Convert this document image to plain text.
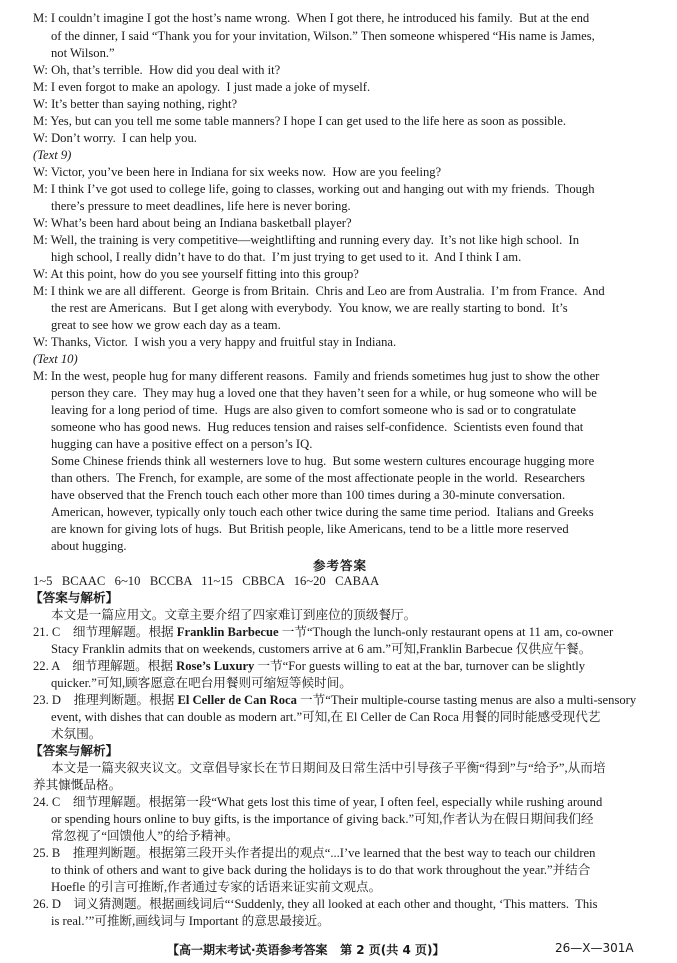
M: I couldn’t imagine I got the host’s name wrong.  When I got there, he introduced his family.  But at the end
of the dinner, I said “Thank you for your invitation, Wilson.” Then someone whispered “His name is James,
not Wilson.”
W: Oh, that’s terrible.  How did you deal with it?
M: I even forgot to make an apology.  I just made a joke of myself.
W: It’s better than saying nothing, right?
M: Yes, but can you tell me some table manners? I hope I can get used to the life here as soon as possible.
W: Don’t worry.  I can help you.
(Text 9)
W: Victor, you’ve been here in Indiana for six weeks now.  How are you feeling?
M: I think I’ve got used to college life, going to classes, working out and hanging out with my friends.  Though
there’s pressure to meet deadlines, life here is never boring.
W: What’s been hard about being an Indiana basketball player?
M: Well, the training is very competitive—weightlifting and running every day.  It’s not like high school.  In
high school, I really didn’t have to do that.  I’m just trying to get used to it.  And I think I am.
W: At this point, how do you see yourself fitting into this group?
M: I think we are all different.  George is from Britain.  Chris and Leo are from Australia.  I’m from France.  And
the rest are Americans.  But I get along with everybody.  You know, we are really starting to bond.  It’s
great to see how we grow each day as a team.
W: Thanks, Victor.  I wish you a very happy and fruitful stay in Indiana.
(Text 10)
M: In the west, people hug for many different reasons.  Family and friends sometimes hug just to show the other
person they care.  They may hug a loved one that they haven’t seen for a while, or hug someone who will be
leaving for a long period of time.  Hugs are also given to comfort someone who is sad or to congratulate
someone who has good news.  Hug reduces tension and raises self-confidence.  Scientists even found that
hugging can have a positive effect on a person’s IQ.
Some Chinese friends think all westerners love to hug.  But some western cultures encourage hugging more
than others.  The French, for example, are some of the most affectionate people in the world.  Researchers
have observed that the French touch each other more than 100 times during a 30-minute conversation.
American, however, typically only touch each other twice during the same time period.  Italians and Greeks
are known for giving lots of hugs.  But British people, like Americans, tend to be a little more reserved
about hugging.
参考答案
1~5   BCAAC   6~10   BCCBA   11~15   CBBCA   16~20   CABAA
【答案与解析】
本文是一篇应用文。文章主要介绍了四家难订到座位的顶级餐厅。
21. C    细节理解题。根据 Franklin Barbecue 一节“Though the lunch-only restaurant opens at 11 am, co-owner
Stacy Franklin admits that on weekends, customers arrive at 6 am.”可知,Franklin Barbecue 仅供应午餐。
22. A    细节理解题。根据 Rose’s Luxury 一节“For guests willing to eat at the bar, turnover can be slightly
quicker.”可知,顾客愿意在吧台用餐则可缩短等候时间。
23. D    推理判断题。根据 El Celler de Can Roca 一节“Their multiple-course tasting menus are also a multi-sensory
event, with dishes that can double as modern art.”可知,在 El Celler de Can Roca 用餐的同时能感受现代艺
术氛围。
【答案与解析】
本文是一篇夹叙夹议文。文章倡导家长在节日期间及日常生活中引导孩子平衡“得到”与“给予”,从而培
养其慷慨品格。
24. C    细节理解题。根据第一段“What gets lost this time of year, I often feel, especially while rushing around
or spending hours online to buy gifts, is the importance of giving back.”可知,作者认为在假日期间我们经
常忽视了“回馈他人”的给予精神。
25. B    推理判断题。根据第三段开头作者提出的观点“...I’ve learned that the best way to teach our children
to think of others and want to give back during the holidays is to do that work throughout the year.”并结合
Hoefle 的引言可推断,作者通过专家的话语来证实前文观点。
26. D    词义猜测题。根据画线词后“‘Suddenly, they all looked at each other and thought, ‘This matters.  This
is real.’”可推断,画线词与 Important 的意思最接近。
【高一期末考试·英语参考答案   第 2 页(共 4 页)】	26—X—301A
